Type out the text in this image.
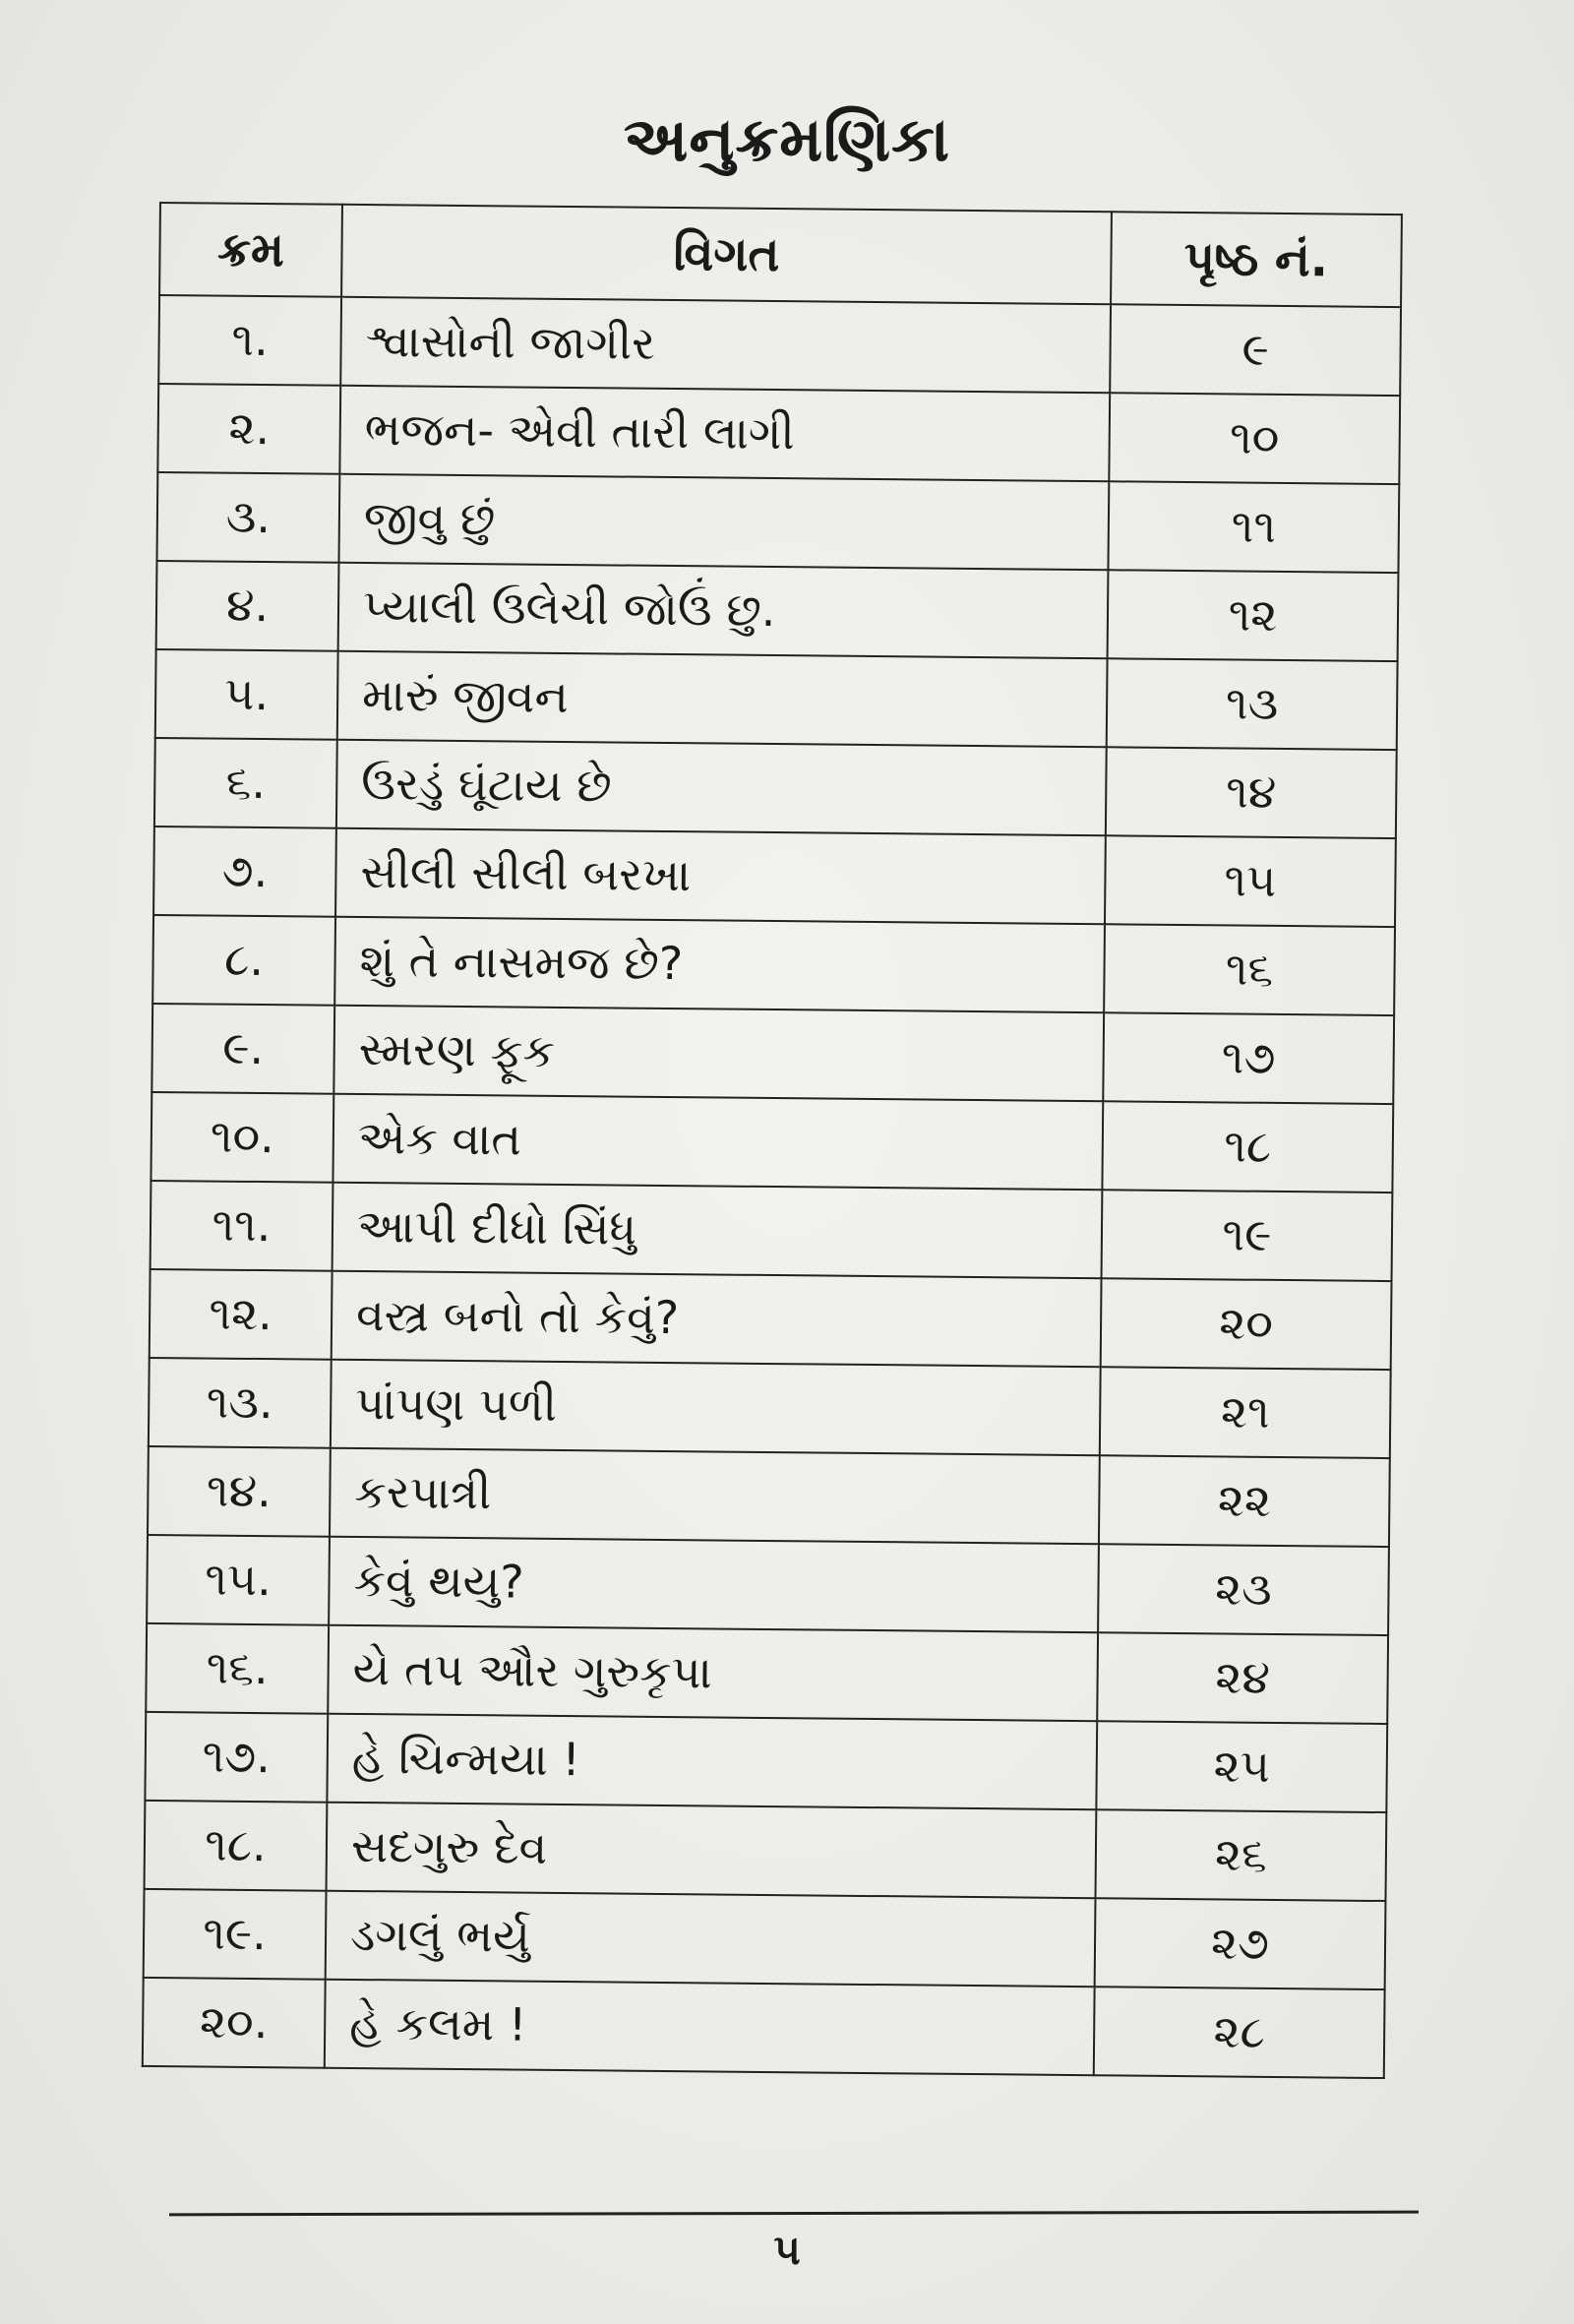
અનુક્રમણિકા
ક્રમ	વિગત	પૃષ્ઠ નં.
૧.	શ્વાસોની જાગીર	૯
૨.	ભજન- એવી તારી લાગી	૧૦
૩.	જીવુ છું	૧૧
૪.	પ્યાલી ઉલેચી જોઉં છુ.	૧૨
૫.	મારું જીવન	૧૩
૬.	ઉરડું ઘૂંટાય છે	૧૪
૭.	સીલી સીલી બરખા	૧૫
૮.	શું તે નાસમજ છે?	૧૬
૯.	સ્મરણ ફૂક	૧૭
૧૦.	એક વાત	૧૮
૧૧.	આપી દીધો સિંધુ	૧૯
૧૨.	વસ્ત્ર બનો તો કેવું?	૨૦
૧૩.	પાંપણ પળી	૨૧
૧૪.	કરપાત્રી	૨૨
૧૫.	કેવું થયુ?	૨૩
૧૬.	યે તપ ઔર ગુરુકૃપા	૨૪
૧૭.	હે ચિન્મયા !	૨૫
૧૮.	સદગુરુ દેવ	૨૬
૧૯.	ડગલું ભર્યુ	૨૭
૨૦.	હે કલમ !	૨૮
૫
